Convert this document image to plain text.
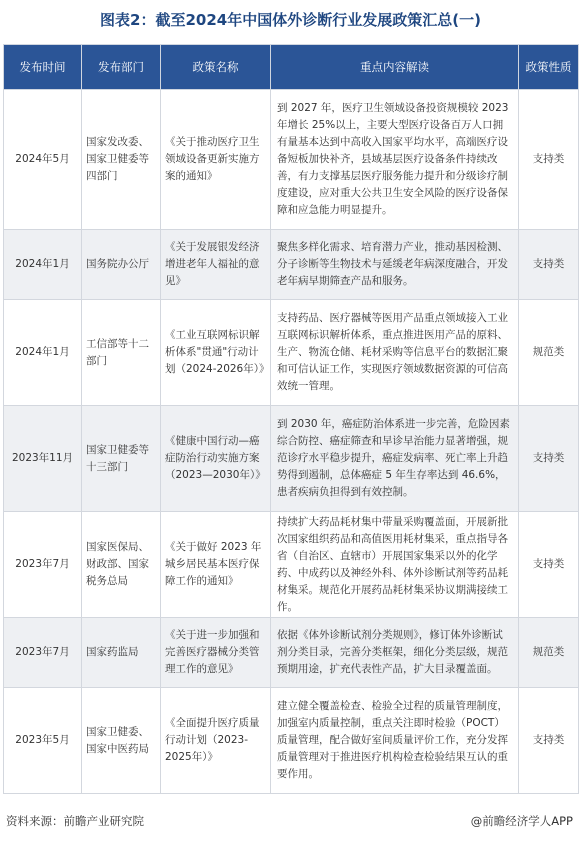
图表2：截至2024年中国体外诊断行业发展政策汇总(一)
发布时间	发布部门	政策名称	重点内容解读	政策性质
2024年5月	国家发改委、国家卫健委等四部门	《关于推动医疗卫生领域设备更新实施方案的通知》	到 2027 年，医疗卫生领域设备投资规模较 2023 年增长 25%以上，主要大型医疗设备百万人口拥有量基本达到中高收入国家平均水平，高端医疗设备短板加快补齐，县域基层医疗设备条件持续改善，有力支撑基层医疗服务能力提升和分级诊疗制度建设，应对重大公共卫生安全风险的医疗设备保障和应急能力明显提升。	支持类
2024年1月	国务院办公厅	《关于发展银发经济增进老年人福祉的意见》	聚焦多样化需求、培育潜力产业，推动基因检测、分子诊断等生物技术与延缓老年病深度融合，开发老年病早期筛查产品和服务。	支持类
2024年1月	工信部等十二部门	《工业互联网标识解析体系"贯通"行动计划（2024-2026年）》	支持药品、医疗器械等医用产品重点领域接入工业互联网标识解析体系，重点推进医用产品的原料、生产、物流仓储、耗材采购等信息平台的数据汇聚和可信认证工作，实现医疗领域数据资源的可信高效统一管理。	规范类
2023年11月	国家卫健委等十三部门	《健康中国行动—癌症防治行动实施方案（2023—2030年）》	到 2030 年，癌症防治体系进一步完善，危险因素综合防控、癌症筛查和早诊早治能力显著增强，规范诊疗水平稳步提升，癌症发病率、死亡率上升趋势得到遏制，总体癌症 5 年生存率达到 46.6%，患者疾病负担得到有效控制。	支持类
2023年7月	国家医保局、财政部、国家税务总局	《关于做好 2023 年城乡居民基本医疗保障工作的通知》	持续扩大药品耗材集中带量采购覆盖面，开展新批次国家组织药品和高值医用耗材集采，重点指导各省（自治区、直辖市）开展国家集采以外的化学药、中成药以及神经外科、体外诊断试剂等药品耗材集采。规范化开展药品耗材集采协议期满接续工作。	支持类
2023年7月	国家药监局	《关于进一步加强和完善医疗器械分类管理工作的意见》	依据《体外诊断试剂分类规则》，修订体外诊断试剂分类目录，完善分类框架，细化分类层级，规范预期用途，扩充代表性产品，扩大目录覆盖面。	规范类
2023年5月	国家卫健委、国家中医药局	《全面提升医疗质量行动计划（2023-2025年）》	建立健全覆盖检查、检验全过程的质量管理制度，加强室内质量控制，重点关注即时检验（POCT）质量管理，配合做好室间质量评价工作，充分发挥质量管理对于推进医疗机构检查检验结果互认的重要作用。	支持类
资料来源：前瞻产业研究院	@前瞻经济学人APP
